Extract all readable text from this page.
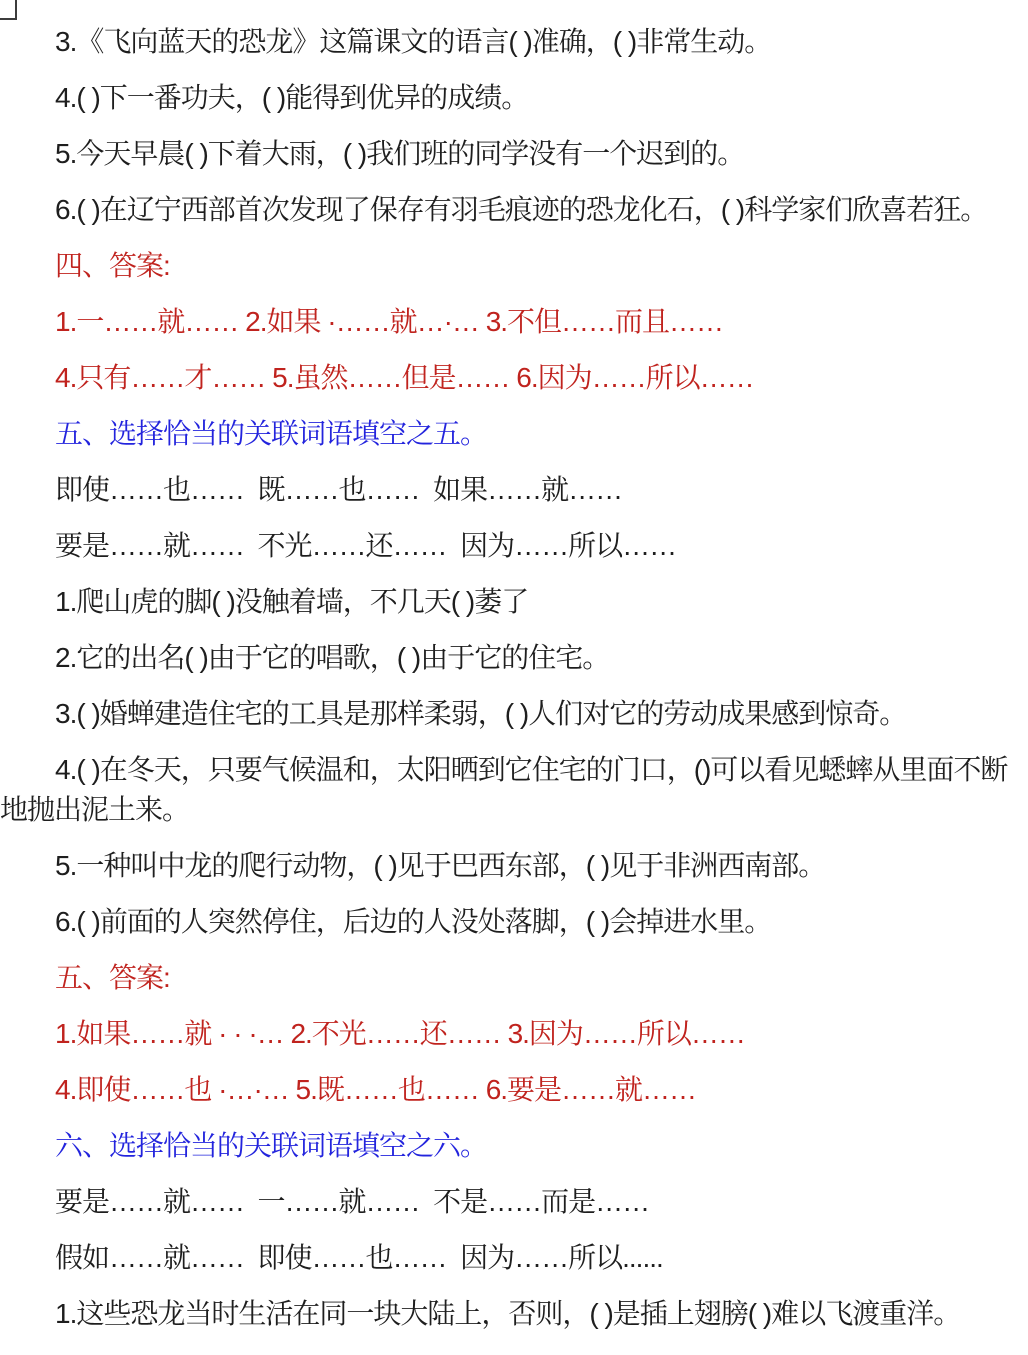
3.《飞向蓝天的恐龙》这篇课文的语言( )准确，( )非常生动。
4.( )下一番功夫，( )能得到优异的成绩。
5.今天早晨( )下着大雨，( )我们班的同学没有一个迟到的。
6.( )在辽宁西部首次发现了保存有羽毛痕迹的恐龙化石，( )科学家们欣喜若狂。
四、答案:
1.一……就…… 2.如果 ·……就…·… 3.不但……而且……
4.只有……才…… 5.虽然……但是…… 6.因为……所以……
五、选择恰当的关联词语填空之五。
即使……也……  既……也……  如果……就……
要是……就……  不光……还……  因为……所以……
1.爬山虎的脚( )没触着墙，不几天( )萎了
2.它的出名( )由于它的唱歌，( )由于它的住宅。
3.( )婚蝉建造住宅的工具是那样柔弱，( )人们对它的劳动成果感到惊奇。
4.( )在冬天，只要气候温和，太阳晒到它住宅的门口，()可以看见蟋蟀从里面不断地抛出泥土来。
5.一种叫中龙的爬行动物，( )见于巴西东部，( )见于非洲西南部。
6.( )前面的人突然停住，后边的人没处落脚，( )会掉进水里。
五、答案:
1.如果……就 · · ·… 2.不光……还…… 3.因为……所以……
4.即使……也 ·…·… 5.既……也…… 6.要是……就……
六、选择恰当的关联词语填空之六。
要是……就……  一……就……  不是……而是……
假如……就……  即使……也……  因为……所以......
1.这些恐龙当时生活在同一块大陆上，否则，( )是插上翅膀( )难以飞渡重洋。
